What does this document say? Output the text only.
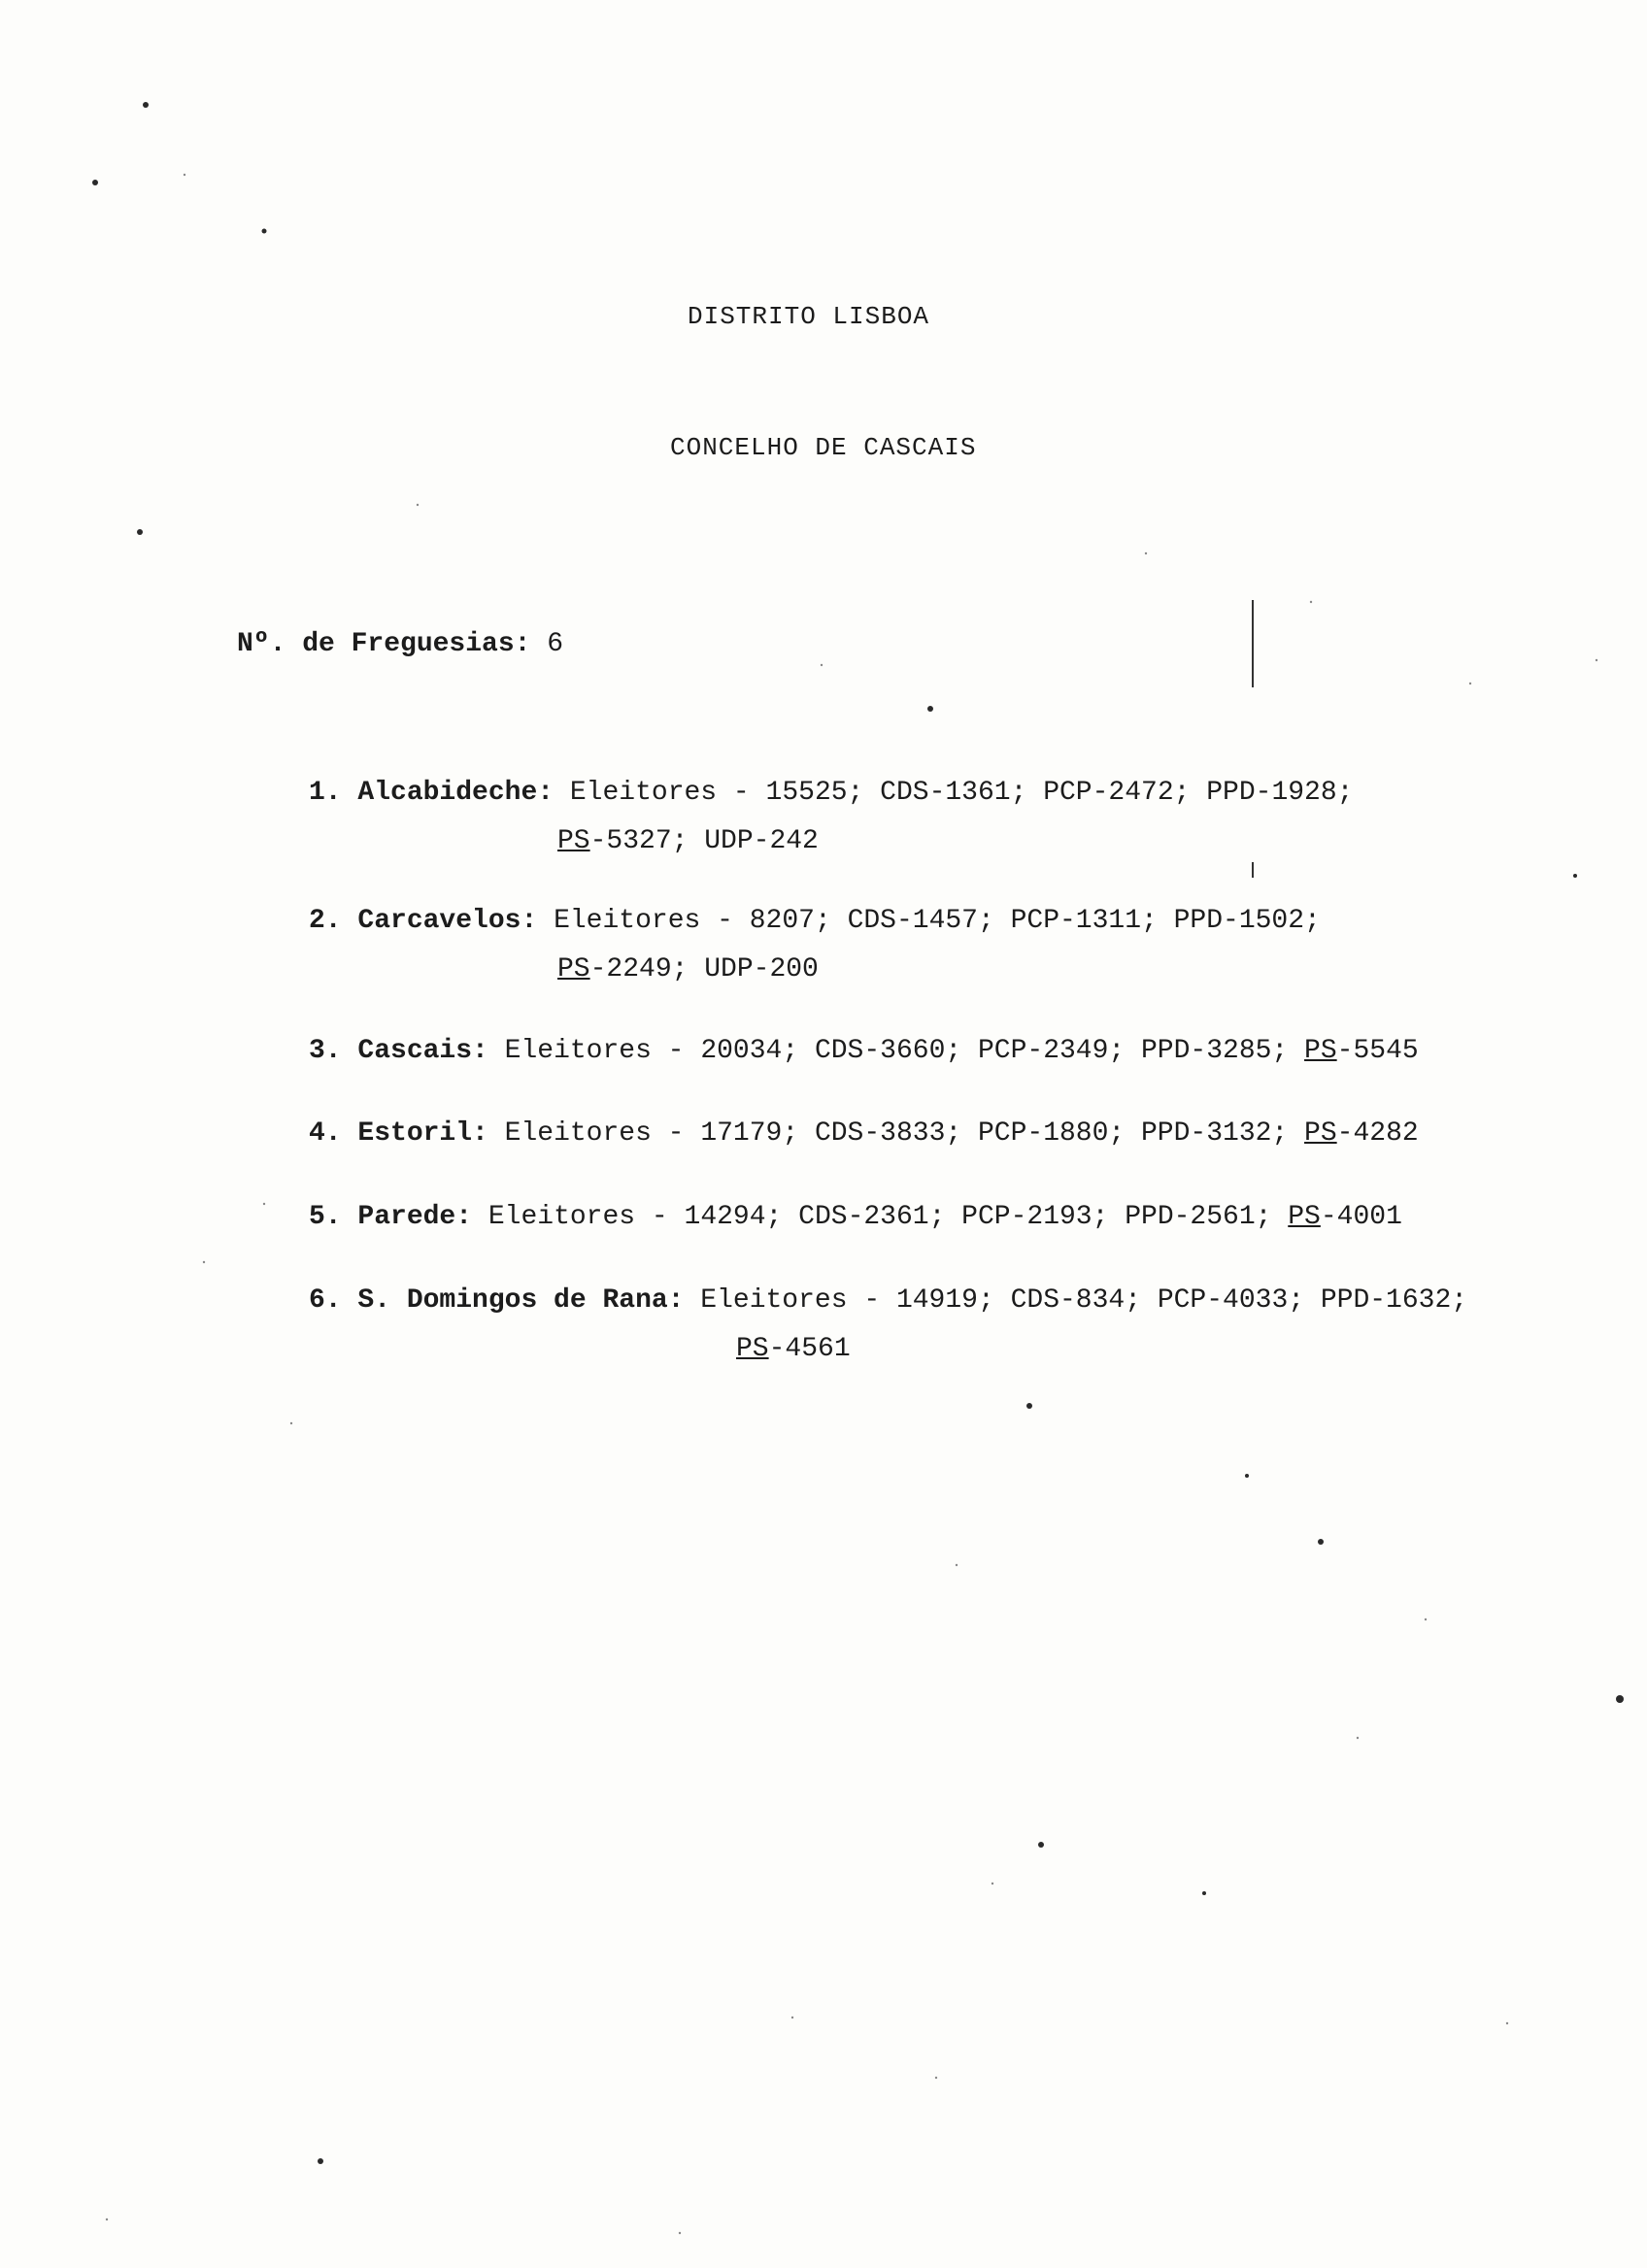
DISTRITO LISBOA
CONCELHO DE CASCAIS
Nº. de Freguesias: 6
1. Alcabideche: Eleitores - 15525; CDS-1361; PCP-2472; PPD-1928;
PS-5327; UDP-242
2. Carcavelos: Eleitores - 8207; CDS-1457; PCP-1311; PPD-1502;
PS-2249; UDP-200
3. Cascais: Eleitores - 20034; CDS-3660; PCP-2349; PPD-3285; PS-5545
4. Estoril: Eleitores - 17179; CDS-3833; PCP-1880; PPD-3132; PS-4282
5. Parede: Eleitores - 14294; CDS-2361; PCP-2193; PPD-2561; PS-4001
6. S. Domingos de Rana: Eleitores - 14919; CDS-834; PCP-4033; PPD-1632;
PS-4561
